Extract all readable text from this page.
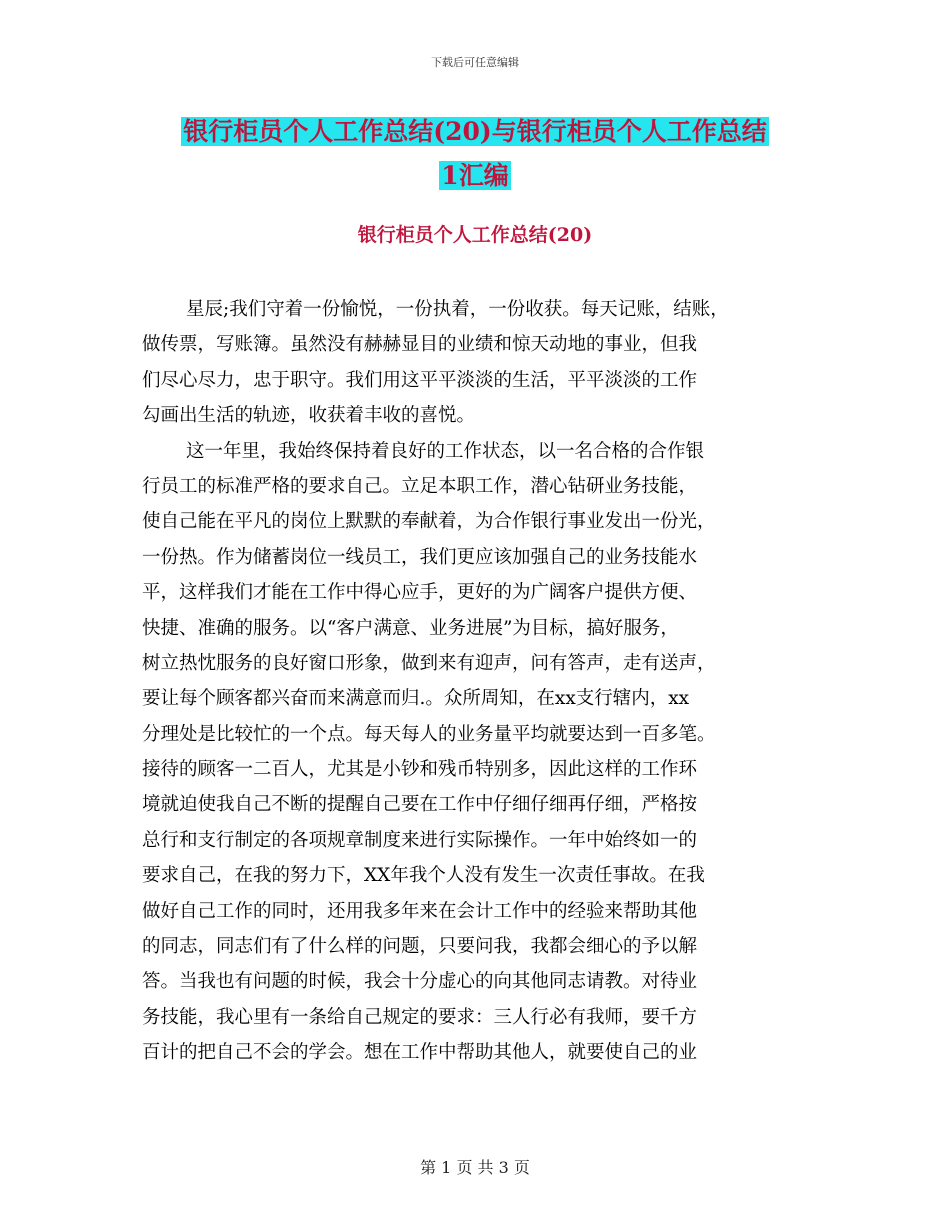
下载后可任意编辑
银行柜员个人工作总结(20)与银行柜员个人工作总结
1汇编
银行柜员个人工作总结(20)
星辰;我们守着一份愉悦，一份执着，一份收获。每天记账，结账，
做传票，写账簿。虽然没有赫赫显目的业绩和惊天动地的事业，但我
们尽心尽力，忠于职守。我们用这平平淡淡的生活，平平淡淡的工作
勾画出生活的轨迹，收获着丰收的喜悦。
这一年里，我始终保持着良好的工作状态，以一名合格的合作银
行员工的标准严格的要求自己。立足本职工作，潜心钻研业务技能，
使自己能在平凡的岗位上默默的奉献着，为合作银行事业发出一份光，
一份热。作为储蓄岗位一线员工，我们更应该加强自己的业务技能水
平，这样我们才能在工作中得心应手，更好的为广阔客户提供方便、
快捷、准确的服务。以“客户满意、业务进展”为目标，搞好服务，
树立热忱服务的良好窗口形象，做到来有迎声，问有答声，走有送声，
要让每个顾客都兴奋而来满意而归.。众所周知，在xx支行辖内，xx
分理处是比较忙的一个点。每天每人的业务量平均就要达到一百多笔。
接待的顾客一二百人，尤其是小钞和残币特别多，因此这样的工作环
境就迫使我自己不断的提醒自己要在工作中仔细仔细再仔细，严格按
总行和支行制定的各项规章制度来进行实际操作。一年中始终如一的
要求自己，在我的努力下，XX年我个人没有发生一次责任事故。在我
做好自己工作的同时，还用我多年来在会计工作中的经验来帮助其他
的同志，同志们有了什么样的问题，只要问我，我都会细心的予以解
答。当我也有问题的时候，我会十分虚心的向其他同志请教。对待业
务技能，我心里有一条给自己规定的要求：三人行必有我师，要千方
百计的把自己不会的学会。想在工作中帮助其他人，就要使自己的业
第 1 页 共 3 页
